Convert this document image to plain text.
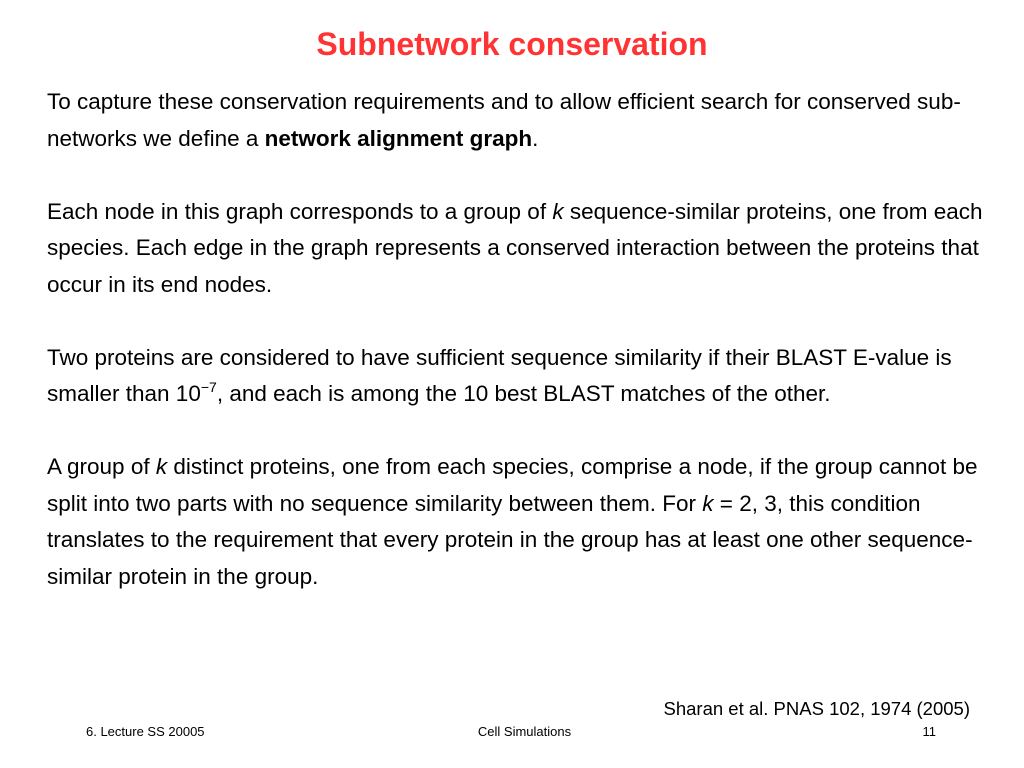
Subnetwork conservation

To capture these conservation requirements and to allow efficient search for conserved sub-networks we define a network alignment graph.

Each node in this graph corresponds to a group of k sequence-similar proteins, one from each species. Each edge in the graph represents a conserved interaction between the proteins that occur in its end nodes.

Two proteins are considered to have sufficient sequence similarity if their BLAST E-value is smaller than $10^{-7}$, and each is among the 10 best BLAST matches of the other.

A group of k distinct proteins, one from each species, comprise a node, if the group cannot be split into two parts with no sequence similarity between them. For k = 2, 3, this condition translates to the requirement that every protein in the group has at least one other sequence-similar protein in the group.

Sharan et al. PNAS 102, 1974 (2005)
6. Lecture SS 20005	Cell Simulations	11
